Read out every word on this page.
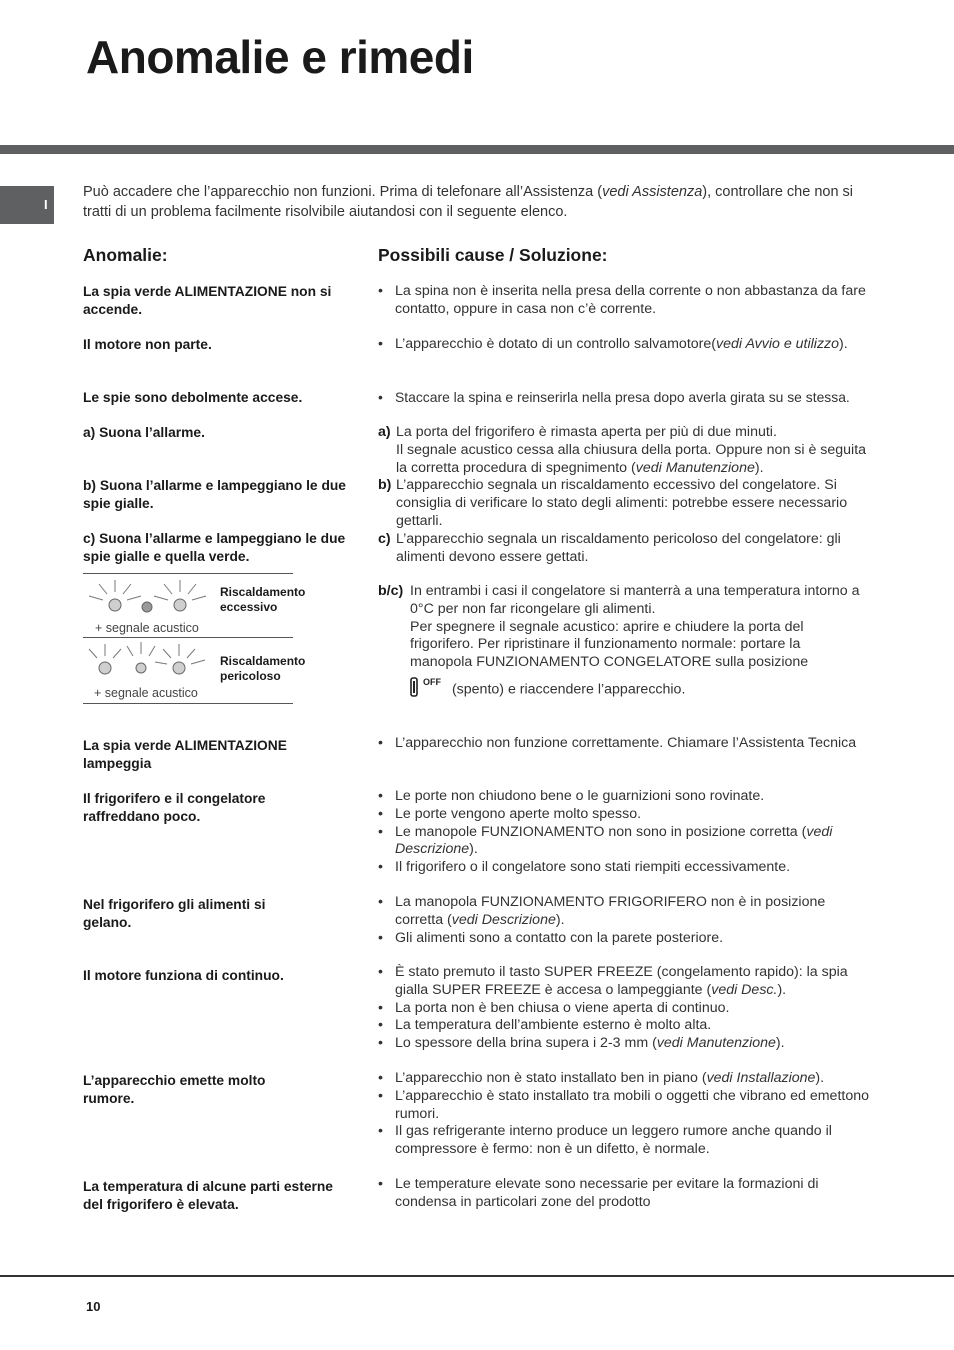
Anomalie e rimedi
I
Può accadere che l’apparecchio non funzioni. Prima di telefonare all’Assistenza (vedi Assistenza), controllare che non si tratti di un problema facilmente risolvibile aiutandosi con il seguente elenco.
Anomalie:	Possibili cause / Soluzione:
La spia verde ALIMENTAZIONE non si accende.
Il motore non parte.
Le spie sono debolmente accese.
a) Suona l’allarme.
b) Suona l’allarme e lampeggiano le due spie gialle.
c) Suona l’allarme e lampeggiano le due spie gialle e quella verde.
Riscaldamento eccessivo
+ segnale acustico
Riscaldamento pericoloso
+ segnale acustico
La spia verde ALIMENTAZIONE lampeggia
Il frigorifero e il congelatore raffreddano poco.
Nel frigorifero gli alimenti si gelano.
Il motore funziona di continuo.
L’apparecchio emette molto rumore.
La temperatura di alcune parti esterne del frigorifero è elevata.
• La spina non è inserita nella presa della corrente o non abbastanza da fare contatto, oppure in casa non c’è corrente.
• L’apparecchio è dotato di un controllo salvamotore(vedi Avvio e utilizzo).
• Staccare la spina e reinserirla nella presa dopo averla girata su se stessa.
a) La porta del frigorifero è rimasta aperta per più di due minuti.
Il segnale acustico cessa alla chiusura della porta. Oppure non si è seguita la corretta procedura di spegnimento (vedi Manutenzione).
b) L’apparecchio segnala un riscaldamento eccessivo del congelatore. Si consiglia di verificare lo stato degli alimenti: potrebbe essere necessario gettarli.
c) L’apparecchio segnala un riscaldamento pericoloso del congelatore: gli alimenti devono essere gettati.
b/c) In entrambi i casi il congelatore si manterrà a una temperatura intorno a 0°C per non far ricongelare gli alimenti.
Per spegnere il segnale acustico: aprire e chiudere la porta del frigorifero. Per ripristinare il funzionamento normale: portare la manopola FUNZIONAMENTO CONGELATORE sulla posizione
OFF (spento) e riaccendere l’apparecchio.
• L’apparecchio non funzione correttamente. Chiamare l’Assistenta Tecnica
• Le porte non chiudono bene o le guarnizioni sono rovinate.
• Le porte vengono aperte molto spesso.
• Le manopole FUNZIONAMENTO non sono in posizione corretta (vedi Descrizione).
• Il frigorifero o il congelatore sono stati riempiti eccessivamente.
• La manopola FUNZIONAMENTO FRIGORIFERO non è in posizione corretta (vedi Descrizione).
• Gli alimenti sono a contatto con la parete posteriore.
• È stato premuto il tasto SUPER FREEZE (congelamento rapido): la spia gialla SUPER FREEZE è accesa o lampeggiante (vedi Desc.).
• La porta non è ben chiusa o viene aperta di continuo.
• La temperatura dell’ambiente esterno è molto alta.
• Lo spessore della brina supera i 2-3 mm (vedi Manutenzione).
• L’apparecchio non è stato installato ben in piano (vedi Installazione).
• L’apparecchio è stato installato tra mobili o oggetti che vibrano ed emettono rumori.
• Il gas refrigerante interno produce un leggero rumore anche quando il compressore è fermo: non è un difetto, è normale.
• Le temperature elevate sono necessarie per evitare la formazioni di condensa in particolari zone del prodotto
10
